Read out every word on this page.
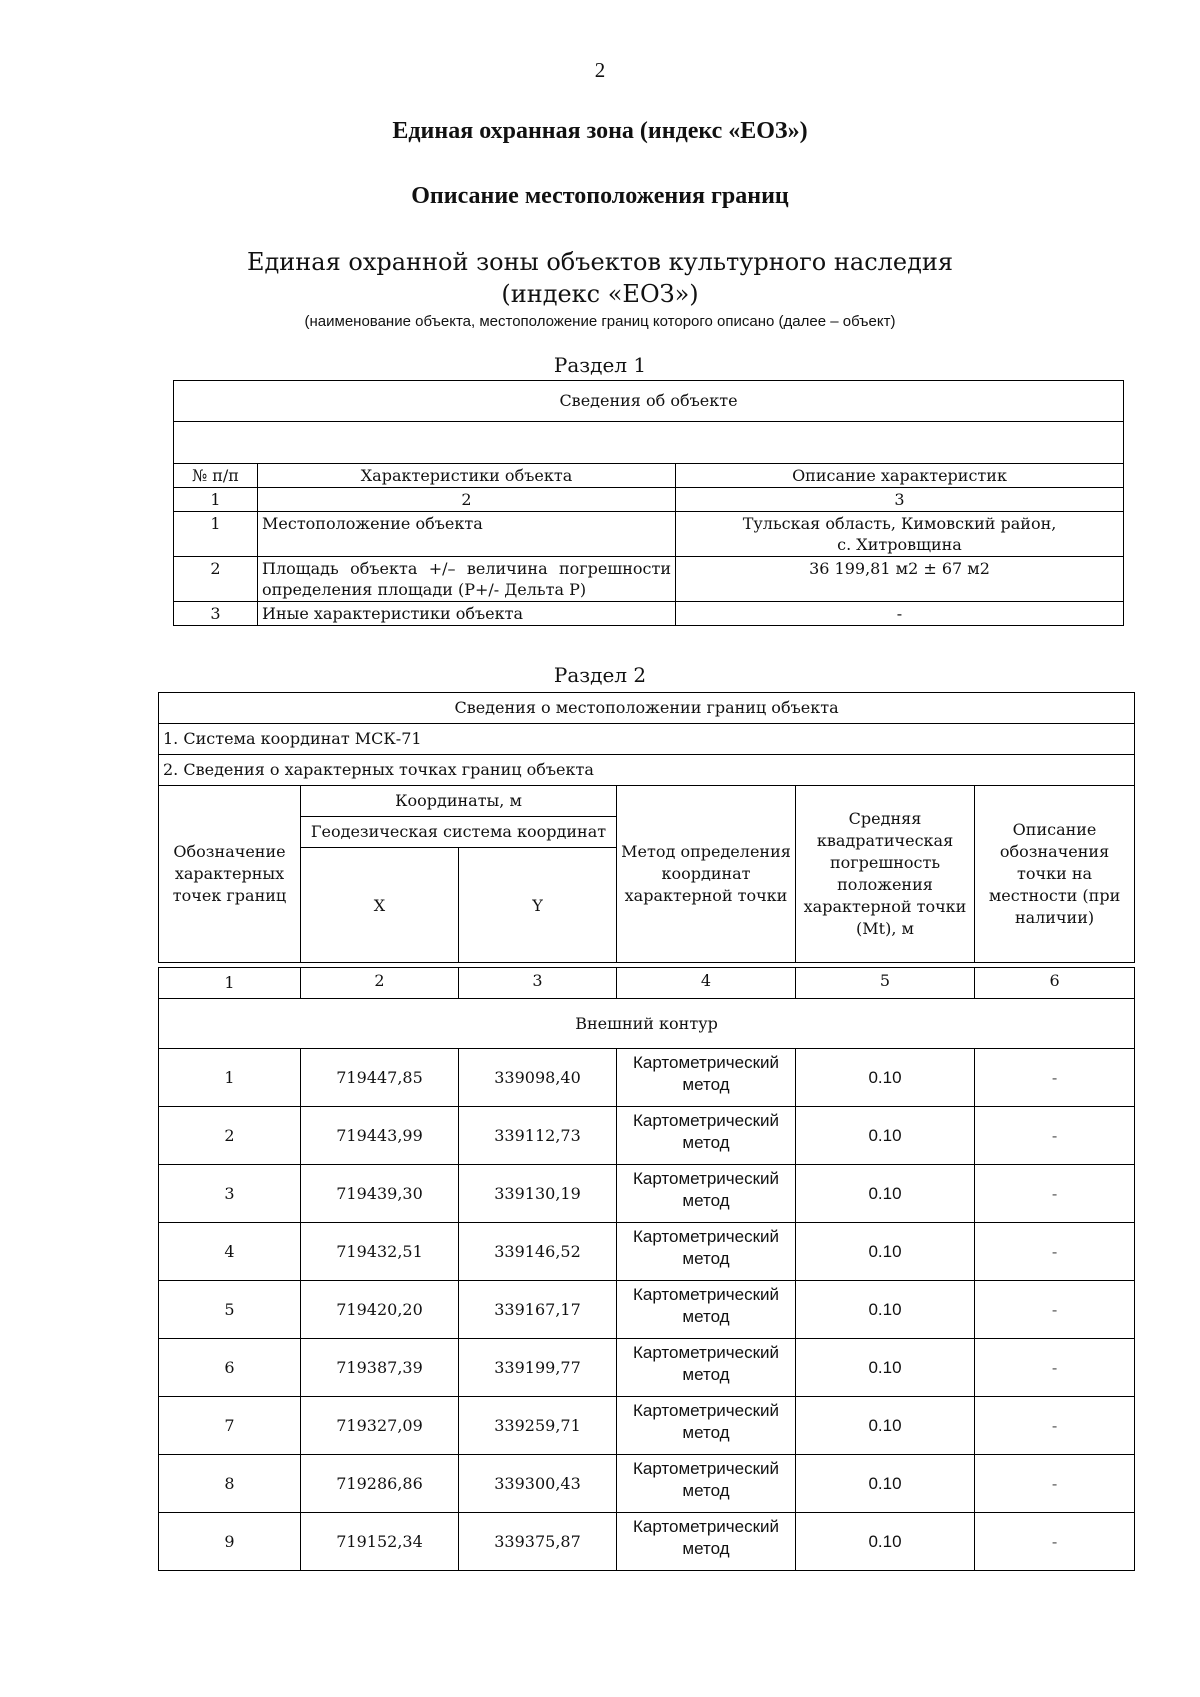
2
Единая охранная зона (индекс «ЕОЗ»)
Описание местоположения границ
Единая охранной зоны объектов культурного наследия
(индекс «ЕОЗ»)
(наименование объекта, местоположение границ которого описано (далее – объект)
Раздел 1
Сведения об объекте		

№ п/п	Характеристики объекта	Описание характеристик
1	2	3
1	Местоположение объекта	Тульская область, Кимовский район, с. Хитровщина
2	Площадь объекта +/– величина погрешности определения площади (Р+/- Дельта Р)	36 199,81 м2 ± 67 м2
3	Иные характеристики объекта	-
Раздел 2
Сведения о местоположении границ объекта					
1. Система координат МСК-71					
2. Сведения о характерных точках границ объекта					
Обозначение характерных точек границ	Координаты, м		Метод определения координат характерной точки	Средняя квадратическая погрешность положения характерной точки (Mt), м	Описание обозначения точки на местности (при наличии)
	Геодезическая система координат				
	X	Y			

1	2	3	4	5	6
Внешний контур					
1	719447,85	339098,40	Картометрический метод	0.10	-
2	719443,99	339112,73	Картометрический метод	0.10	-
3	719439,30	339130,19	Картометрический метод	0.10	-
4	719432,51	339146,52	Картометрический метод	0.10	-
5	719420,20	339167,17	Картометрический метод	0.10	-
6	719387,39	339199,77	Картометрический метод	0.10	-
7	719327,09	339259,71	Картометрический метод	0.10	-
8	719286,86	339300,43	Картометрический метод	0.10	-
9	719152,34	339375,87	Картометрический метод	0.10	-
